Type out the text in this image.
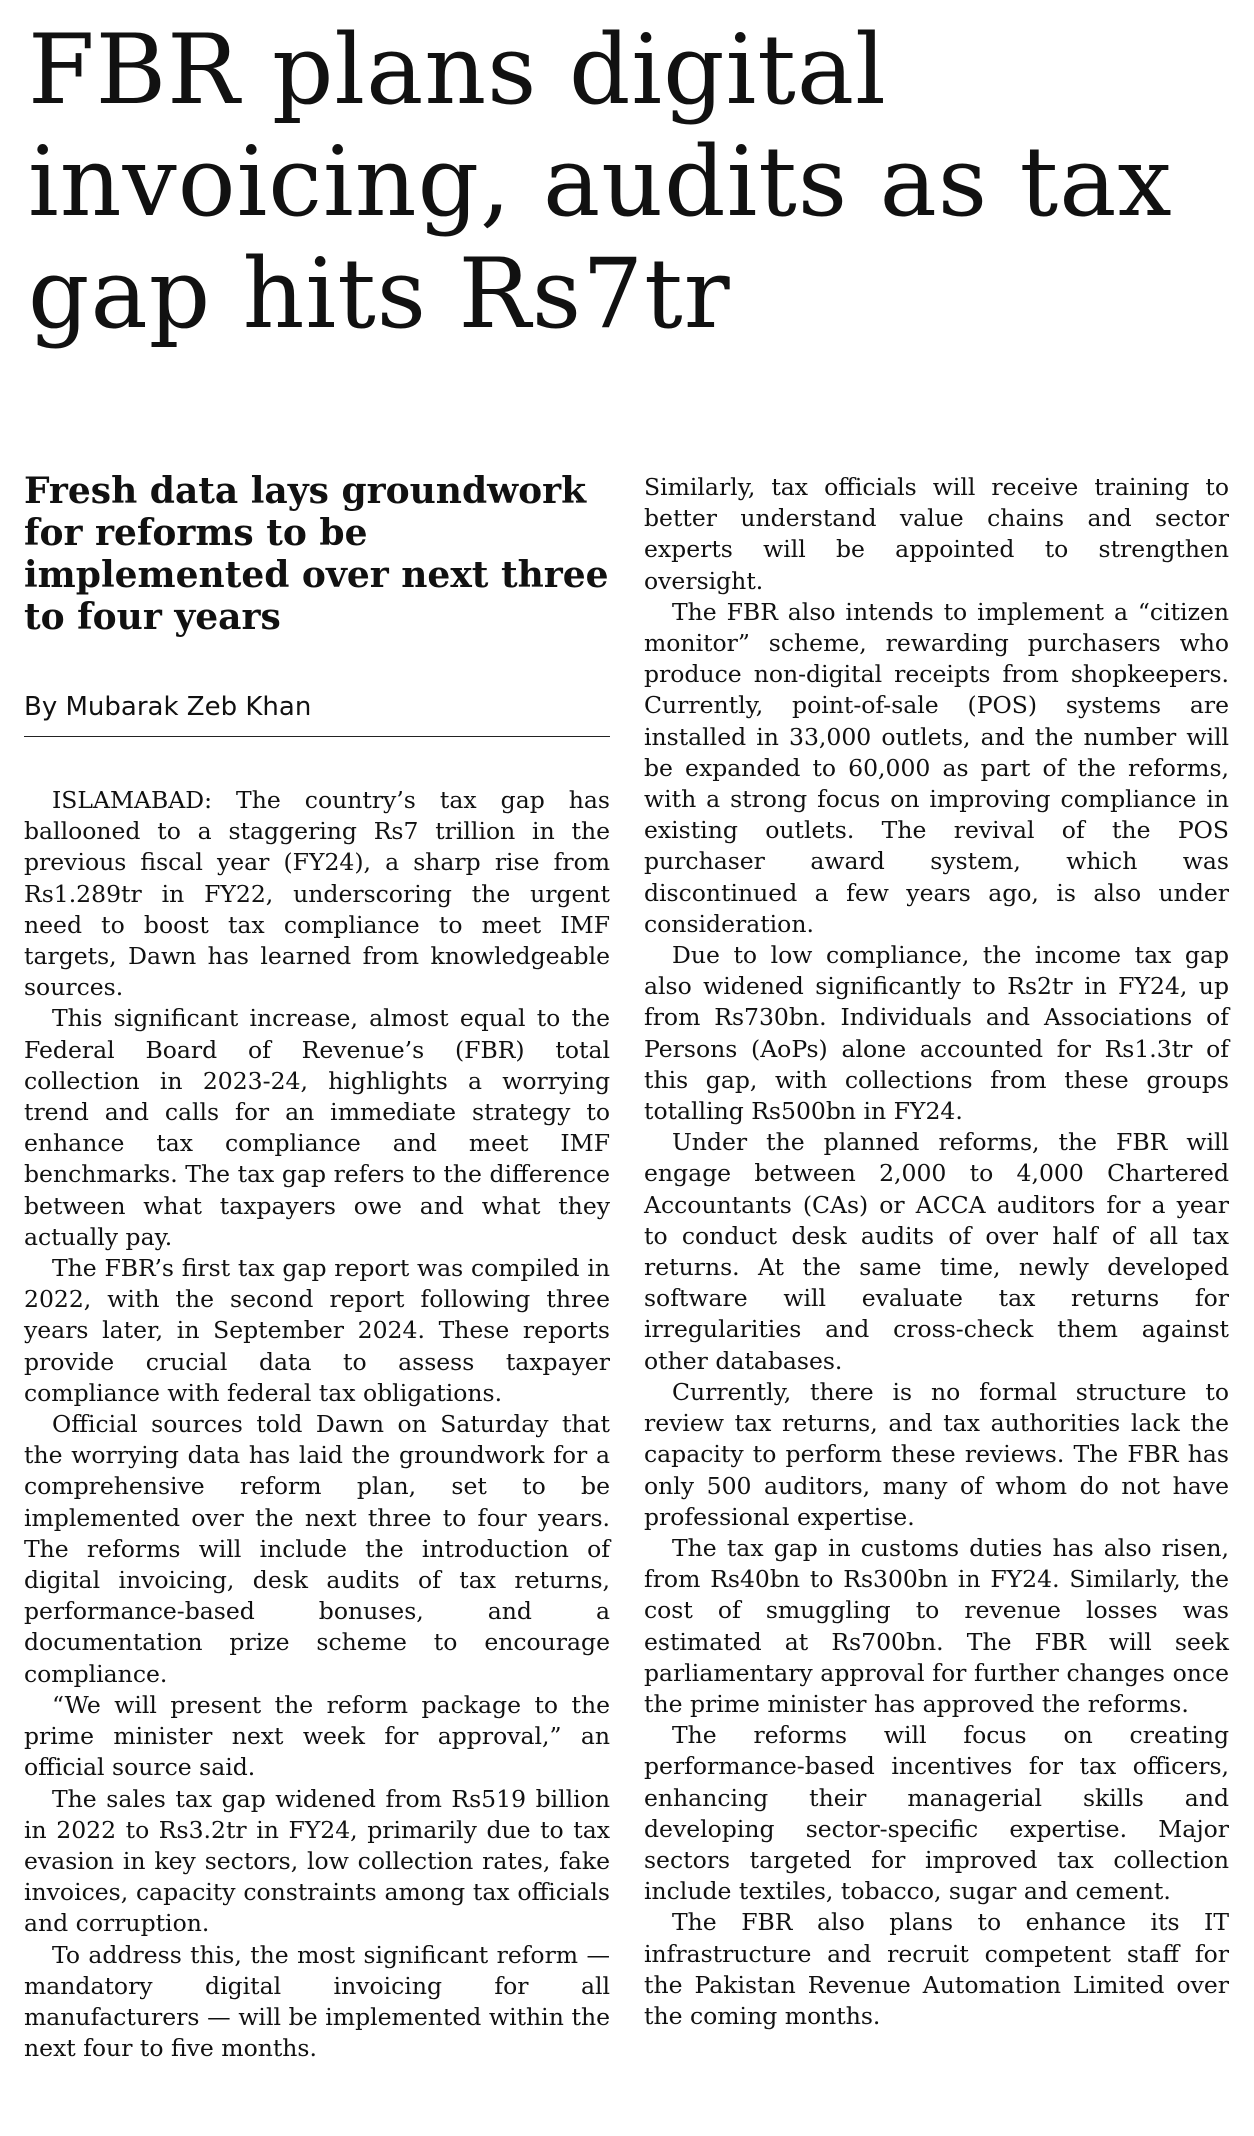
FBR plans digital invoicing, audits as tax gap hits Rs7tr
Fresh data lays groundwork for reforms to be implemented over next three to four years
By Mubarak Zeb Khan

ISLAMABAD: The country’s tax gap has ballooned to a staggering Rs7 trillion in the previous fiscal year (FY24), a sharp rise from Rs1.289tr in FY22, underscoring the urgent need to boost tax compliance to meet IMF targets, Dawn has learned from knowledgeable sources.

This significant increase, almost equal to the Federal Board of Revenue’s (FBR) total collection in 2023-24, highlights a worrying trend and calls for an immediate strategy to enhance tax compliance and meet IMF benchmarks. The tax gap refers to the difference between what taxpayers owe and what they actually pay.

The FBR’s first tax gap report was compiled in 2022, with the second report following three years later, in September 2024. These reports provide crucial data to assess taxpayer compliance with federal tax obligations.

Official sources told Dawn on Saturday that the worrying data has laid the groundwork for a comprehensive reform plan, set to be implemented over the next three to four years. The reforms will include the introduction of digital invoicing, desk audits of tax returns, performance-based bonuses, and a documentation prize scheme to encourage compliance.

“We will present the reform package to the prime minister next week for approval,” an official source said.

The sales tax gap widened from Rs519 billion in 2022 to Rs3.2tr in FY24, primarily due to tax evasion in key sectors, low collection rates, fake invoices, capacity constraints among tax officials and corruption.

To address this, the most significant reform — mandatory digital invoicing for all manufacturers — will be implemented within the next four to five months.

Similarly, tax officials will receive training to better understand value chains and sector experts will be appointed to strengthen oversight.

The FBR also intends to implement a “citizen monitor” scheme, rewarding purchasers who produce non-digital receipts from shopkeepers. Currently, point-of-sale (POS) systems are installed in 33,000 outlets, and the number will be expanded to 60,000 as part of the reforms, with a strong focus on improving compliance in existing outlets. The revival of the POS purchaser award system, which was discontinued a few years ago, is also under consideration.

Due to low compliance, the income tax gap also widened significantly to Rs2tr in FY24, up from Rs730bn. Individuals and Associations of Persons (AoPs) alone accounted for Rs1.3tr of this gap, with collections from these groups totalling Rs500bn in FY24.

Under the planned reforms, the FBR will engage between 2,000 to 4,000 Chartered Accountants (CAs) or ACCA auditors for a year to conduct desk audits of over half of all tax returns. At the same time, newly developed software will evaluate tax returns for irregularities and cross-check them against other databases.

Currently, there is no formal structure to review tax returns, and tax authorities lack the capacity to perform these reviews. The FBR has only 500 auditors, many of whom do not have professional expertise.

The tax gap in customs duties has also risen, from Rs40bn to Rs300bn in FY24. Similarly, the cost of smuggling to revenue losses was estimated at Rs700bn. The FBR will seek parliamentary approval for further changes once the prime minister has approved the reforms.

The reforms will focus on creating performance-based incentives for tax officers, enhancing their managerial skills and developing sector-specific expertise. Major sectors targeted for improved tax collection include textiles, tobacco, sugar and cement.

The FBR also plans to enhance its IT infrastructure and recruit competent staff for the Pakistan Revenue Automation Limited over the coming months.
